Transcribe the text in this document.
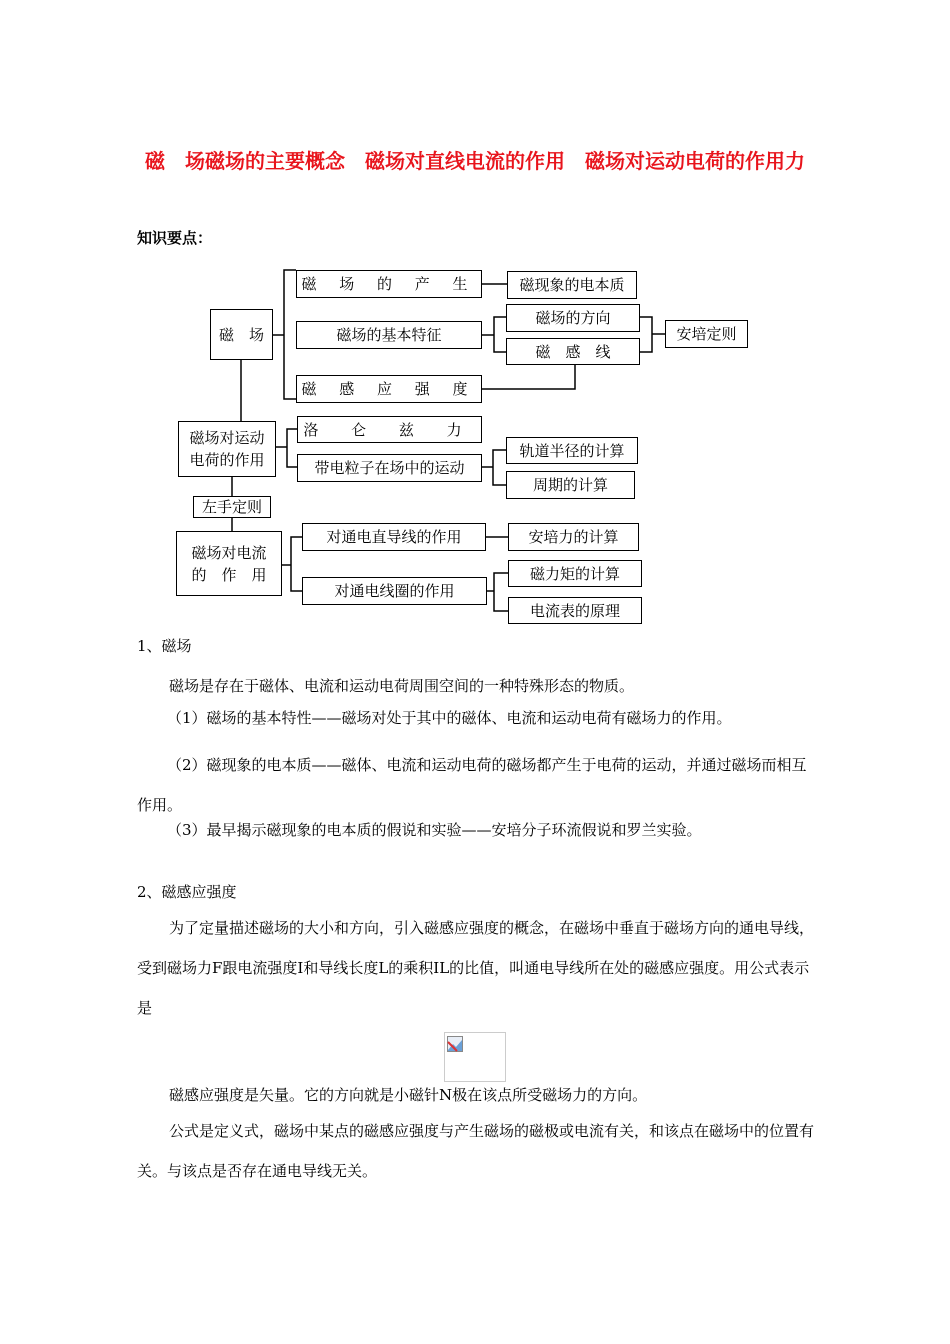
磁　场磁场的主要概念　磁场对直线电流的作用　磁场对运动电荷的作用力
知识要点：
磁　场
磁 场 的 产 生	磁现象的电本质
磁场的基本特征
磁场的方向
磁　感　线
安培定则
磁 感 应 强 度
磁场对运动电荷的作用
洛 仑 兹 力
带电粒子在场中的运动
轨道半径的计算
周期的计算
左手定则
磁场对电流的　作　用
对通电直导线的作用	安培力的计算
对通电线圈的作用
磁力矩的计算
电流表的原理

1、磁场

磁场是存在于磁体、电流和运动电荷周围空间的一种特殊形态的物质。

（1）磁场的基本特性——磁场对处于其中的磁体、电流和运动电荷有磁场力的作用。

（2）磁现象的电本质——磁体、电流和运动电荷的磁场都产生于电荷的运动，并通过磁场而相互作用。

（3）最早揭示磁现象的电本质的假说和实验——安培分子环流假说和罗兰实验。

2、磁感应强度

为了定量描述磁场的大小和方向，引入磁感应强度的概念，在磁场中垂直于磁场方向的通电导线，受到磁场力F跟电流强度I和导线长度L的乘积IL的比值，叫通电导线所在处的磁感应强度。用公式表示是

磁感应强度是矢量。它的方向就是小磁针N极在该点所受磁场力的方向。

公式是定义式，磁场中某点的磁感应强度与产生磁场的磁极或电流有关，和该点在磁场中的位置有关。与该点是否存在通电导线无关。
